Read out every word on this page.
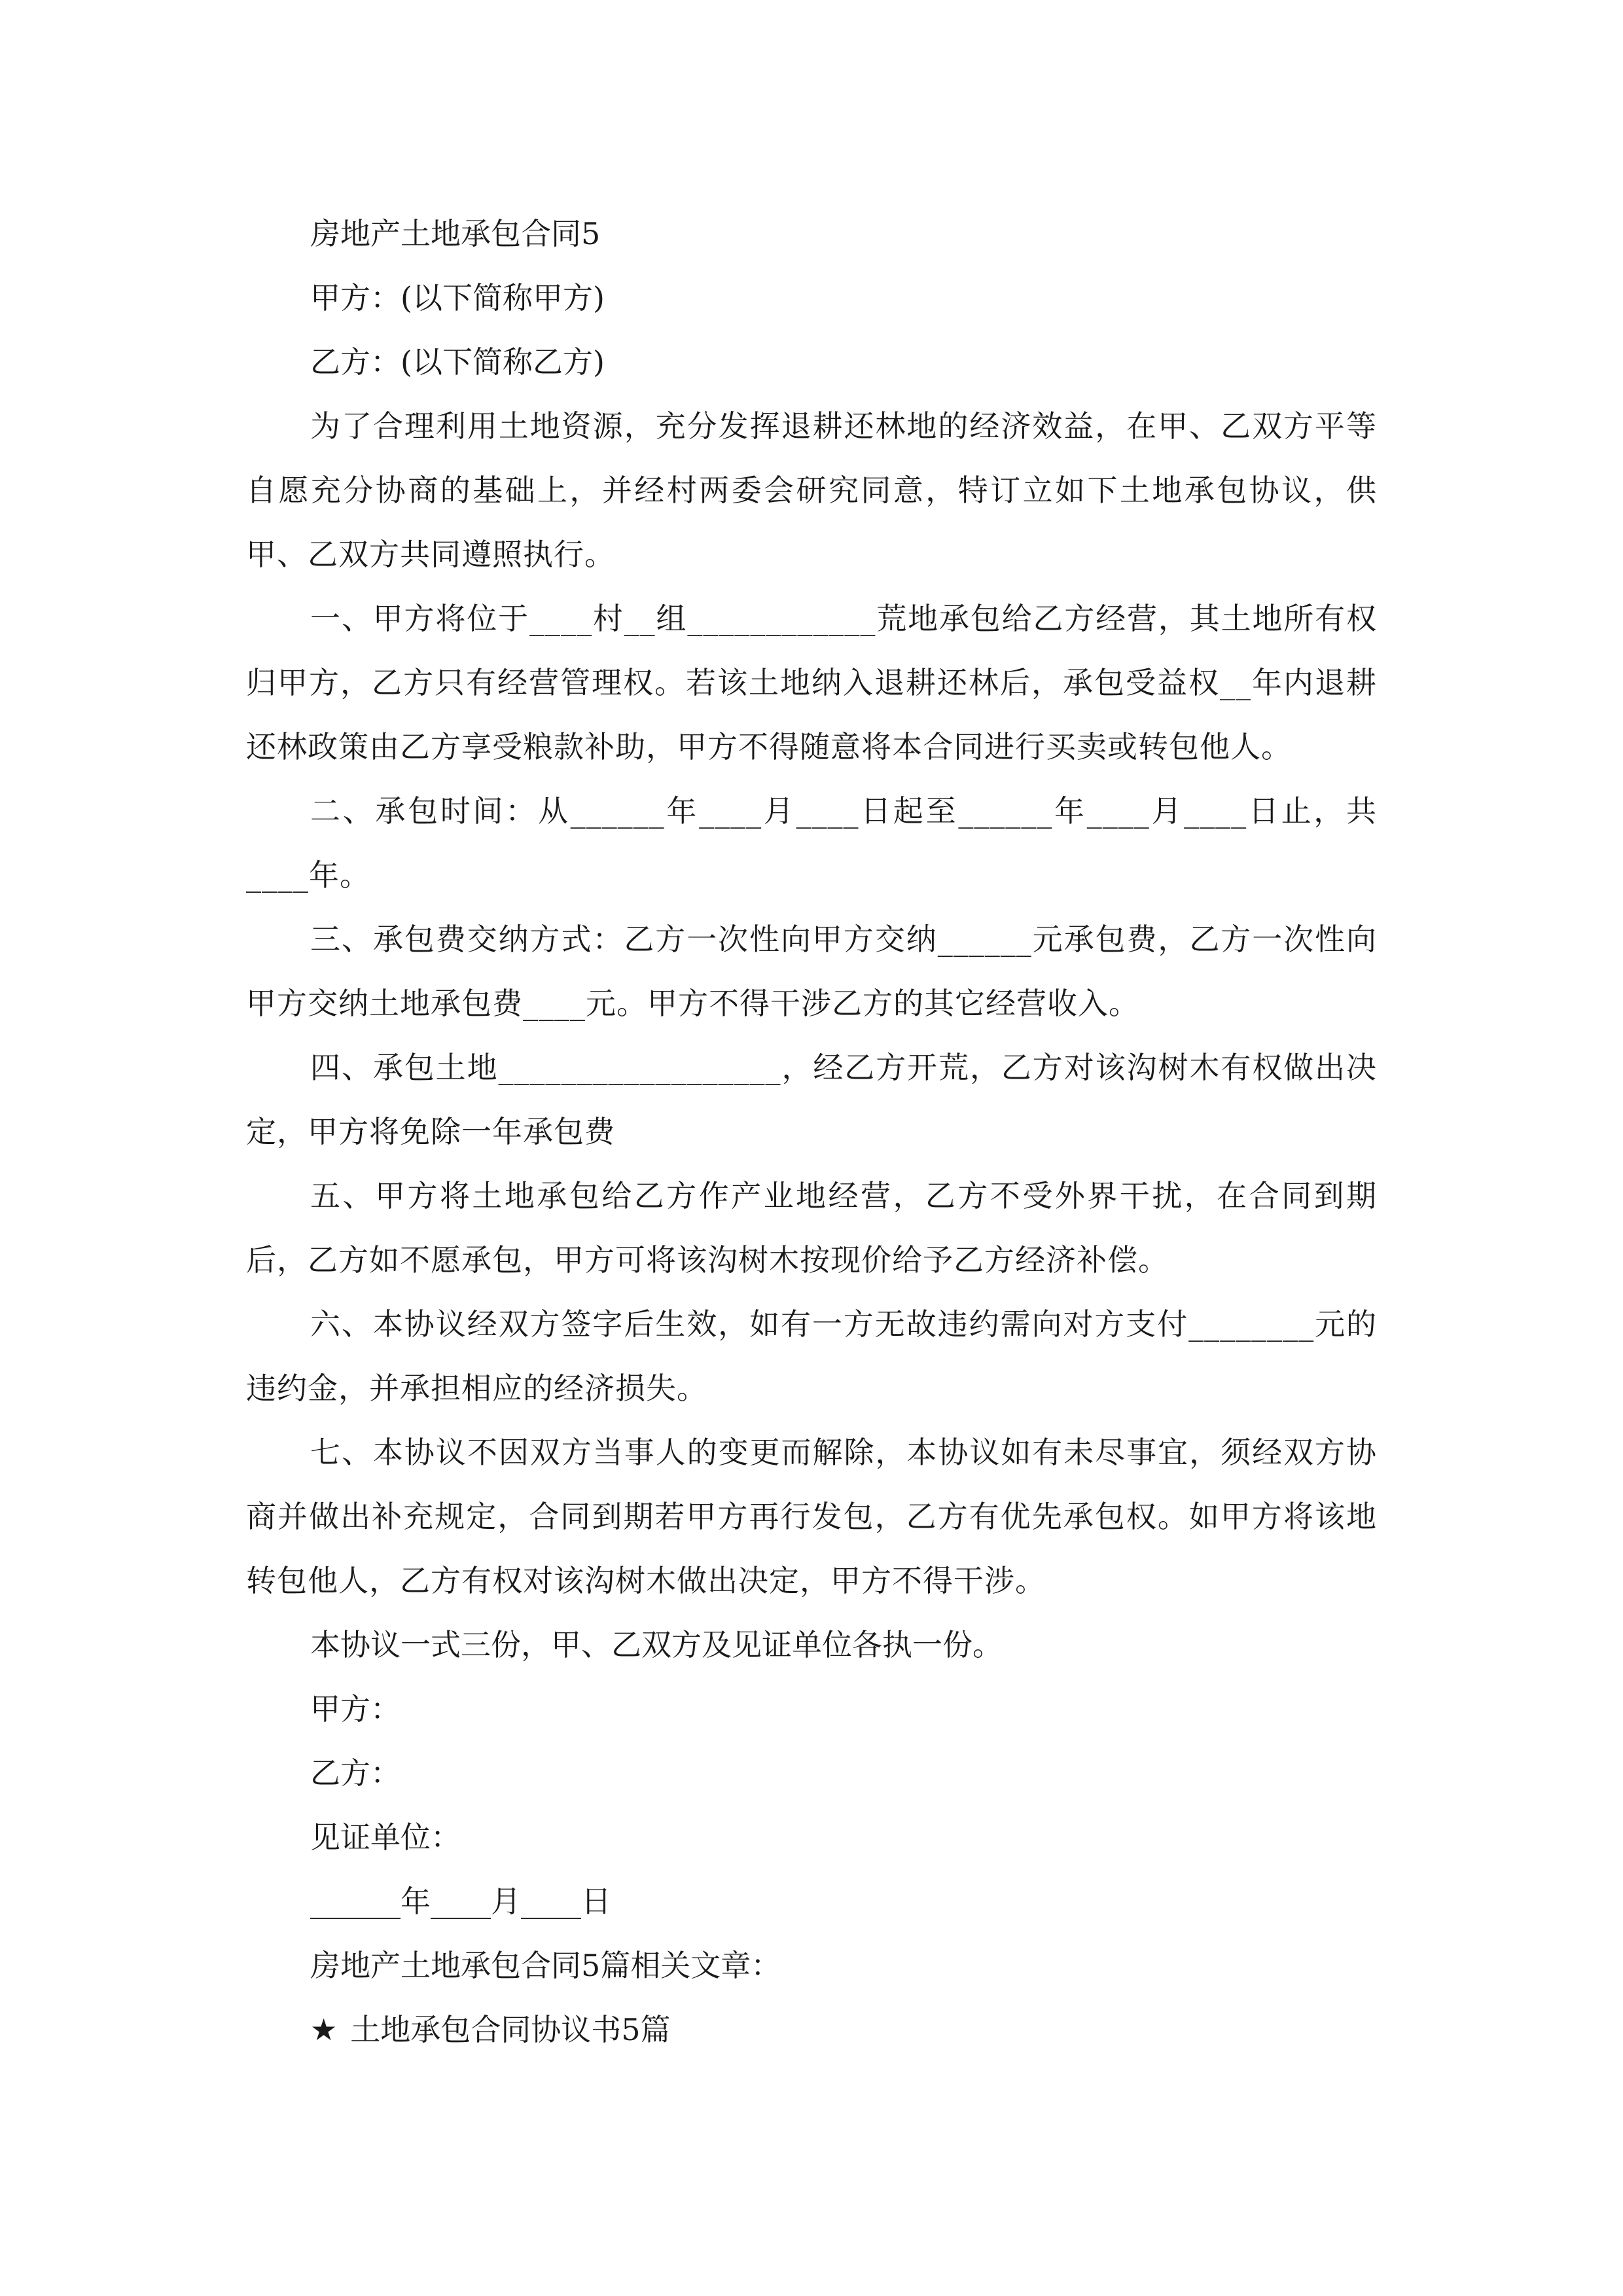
房地产土地承包合同5

甲方：(以下简称甲方)

乙方：(以下简称乙方)

为了合理利用土地资源，充分发挥退耕还林地的经济效益，在甲、乙双方平等自愿充分协商的基础上，并经村两委会研究同意，特订立如下土地承包协议，供甲、乙双方共同遵照执行。

一、甲方将位于____村__组____________荒地承包给乙方经营，其土地所有权归甲方，乙方只有经营管理权。若该土地纳入退耕还林后，承包受益权__年内退耕还林政策由乙方享受粮款补助，甲方不得随意将本合同进行买卖或转包他人。

二、承包时间：从______年____月____日起至______年____月____日止，共____年。

三、承包费交纳方式：乙方一次性向甲方交纳______元承包费，乙方一次性向甲方交纳土地承包费____元。甲方不得干涉乙方的其它经营收入。

四、承包土地__________________，经乙方开荒，乙方对该沟树木有权做出决定，甲方将免除一年承包费

五、甲方将土地承包给乙方作产业地经营，乙方不受外界干扰，在合同到期后，乙方如不愿承包，甲方可将该沟树木按现价给予乙方经济补偿。

六、本协议经双方签字后生效，如有一方无故违约需向对方支付________元的违约金，并承担相应的经济损失。

七、本协议不因双方当事人的变更而解除，本协议如有未尽事宜，须经双方协商并做出补充规定，合同到期若甲方再行发包，乙方有优先承包权。如甲方将该地转包他人，乙方有权对该沟树木做出决定，甲方不得干涉。

本协议一式三份，甲、乙双方及见证单位各执一份。

甲方：

乙方：

见证单位：

______年____月____日

房地产土地承包合同5篇相关文章：

★ 土地承包合同协议书5篇
